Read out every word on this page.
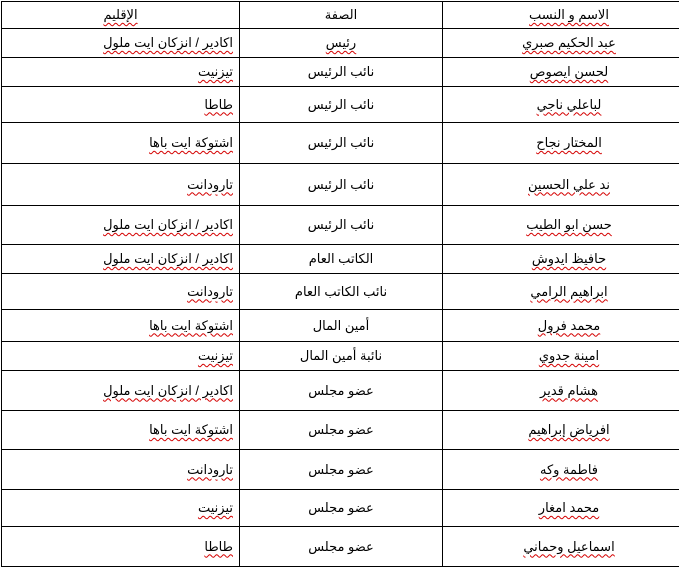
الاسم و النسب	الصفة	الإقليم
عبد الحكيم صبري	رئيس	اكادير / انزكان ايت ملول
لحسن ايصوص	نائب الرئيس	تيزنيت
لباعلي ناجي	نائب الرئيس	طاطا
المختار نجاح	نائب الرئيس	اشتوكة ايت باها
ند علي الحسين	نائب الرئيس	تارودانت
حسن ابو الطيب	نائب الرئيس	اكادير / انزكان ايت ملول
حافيظ ايدوش	الكاتب العام	اكادير / انزكان ايت ملول
ابراهيم الرامي	نائب الكاتب العام	تارودانت
محمد فرول	أمين المال	اشتوكة ايت باها
امينة جدوي	نائبة أمين المال	تيزنيت
هشام قدير	عضو مجلس	اكادير / انزكان ايت ملول
افرياض إبراهيم	عضو مجلس	اشتوكة ايت باها
فاطمة وكه	عضو مجلس	تارودانت
محمد امغار	عضو مجلس	تيزنيت
اسماعيل وحماني	عضو مجلس	طاطا
